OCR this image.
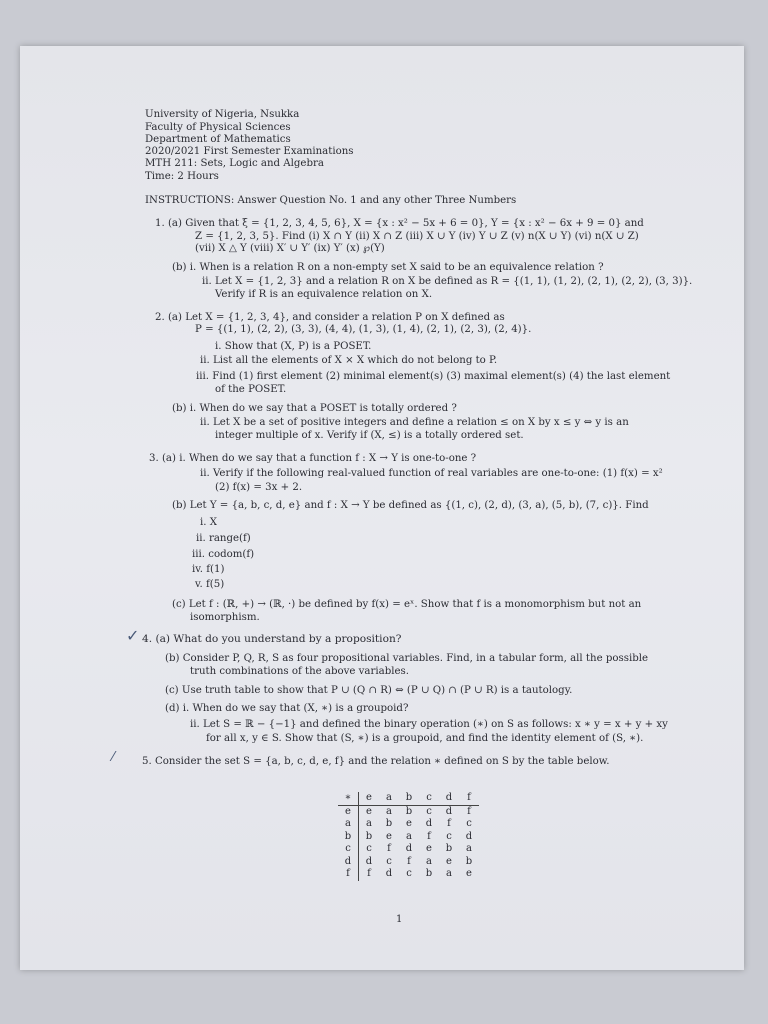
University of Nigeria, Nsukka
Faculty of Physical Sciences
Department of Mathematics
2020/2021 First Semester Examinations
MTH 211: Sets, Logic and Algebra
Time: 2 Hours
INSTRUCTIONS: Answer Question No. 1 and any other Three Numbers
1. (a) Given that ξ = {1, 2, 3, 4, 5, 6}, X = {x : x² − 5x + 6 = 0}, Y = {x : x² − 6x + 9 = 0} and
Z = {1, 2, 3, 5}. Find (i) X ∩ Y (ii) X ∩ Z (iii) X ∪ Y (iv) Y ∪ Z (v) n(X ∪ Y) (vi) n(X ∪ Z)
(vii) X △ Y (viii) X′ ∪ Y′ (ix) Y′ (x) ℘(Y)
(b) i. When is a relation R on a non-empty set X said to be an equivalence relation ?
ii. Let X = {1, 2, 3} and a relation R on X be defined as R = {(1, 1), (1, 2), (2, 1), (2, 2), (3, 3)}.
Verify if R is an equivalence relation on X.
2. (a) Let X = {1, 2, 3, 4}, and consider a relation P on X defined as
P = {(1, 1), (2, 2), (3, 3), (4, 4), (1, 3), (1, 4), (2, 1), (2, 3), (2, 4)}.
i. Show that (X, P) is a POSET.
ii. List all the elements of X × X which do not belong to P.
iii. Find (1) first element (2) minimal element(s) (3) maximal element(s) (4) the last element
of the POSET.
(b) i. When do we say that a POSET is totally ordered ?
ii. Let X be a set of positive integers and define a relation ≤ on X by x ≤ y ⇔ y is an
integer multiple of x. Verify if (X, ≤) is a totally ordered set.
3. (a) i. When do we say that a function f : X → Y is one-to-one ?
ii. Verify if the following real-valued function of real variables are one-to-one: (1) f(x) = x²
(2) f(x) = 3x + 2.
(b) Let Y = {a, b, c, d, e} and f : X → Y be defined as {(1, c), (2, d), (3, a), (5, b), (7, c)}. Find
i. X
ii. range(f)
iii. codom(f)
iv. f(1)
v. f(5)
(c) Let f : (ℝ, +) → (ℝ, ·) be defined by f(x) = eˣ. Show that f is a monomorphism but not an
isomorphism.
✓ 4. (a) What do you understand by a proposition?
(b) Consider P, Q, R, S as four propositional variables. Find, in a tabular form, all the possible
truth combinations of the above variables.
(c) Use truth table to show that P ∪ (Q ∩ R) ⇔ (P ∪ Q) ∩ (P ∪ R) is a tautology.
(d) i. When do we say that (X, ∗) is a groupoid?
ii. Let S = ℝ − {−1} and defined the binary operation (∗) on S as follows: x ∗ y = x + y + xy
for all x, y ∈ S. Show that (S, ∗) is a groupoid, and find the identity element of (S, ∗).
⁄	5. Consider the set S = {a, b, c, d, e, f} and the relation ∗ defined on S by the table below.
∗	e	a	b	c	d	f
e	e	a	b	c	d	f
a	a	b	e	d	f	c
b	b	e	a	f	c	d
c	c	f	d	e	b	a
d	d	c	f	a	e	b
f	f	d	c	b	a	e
1
